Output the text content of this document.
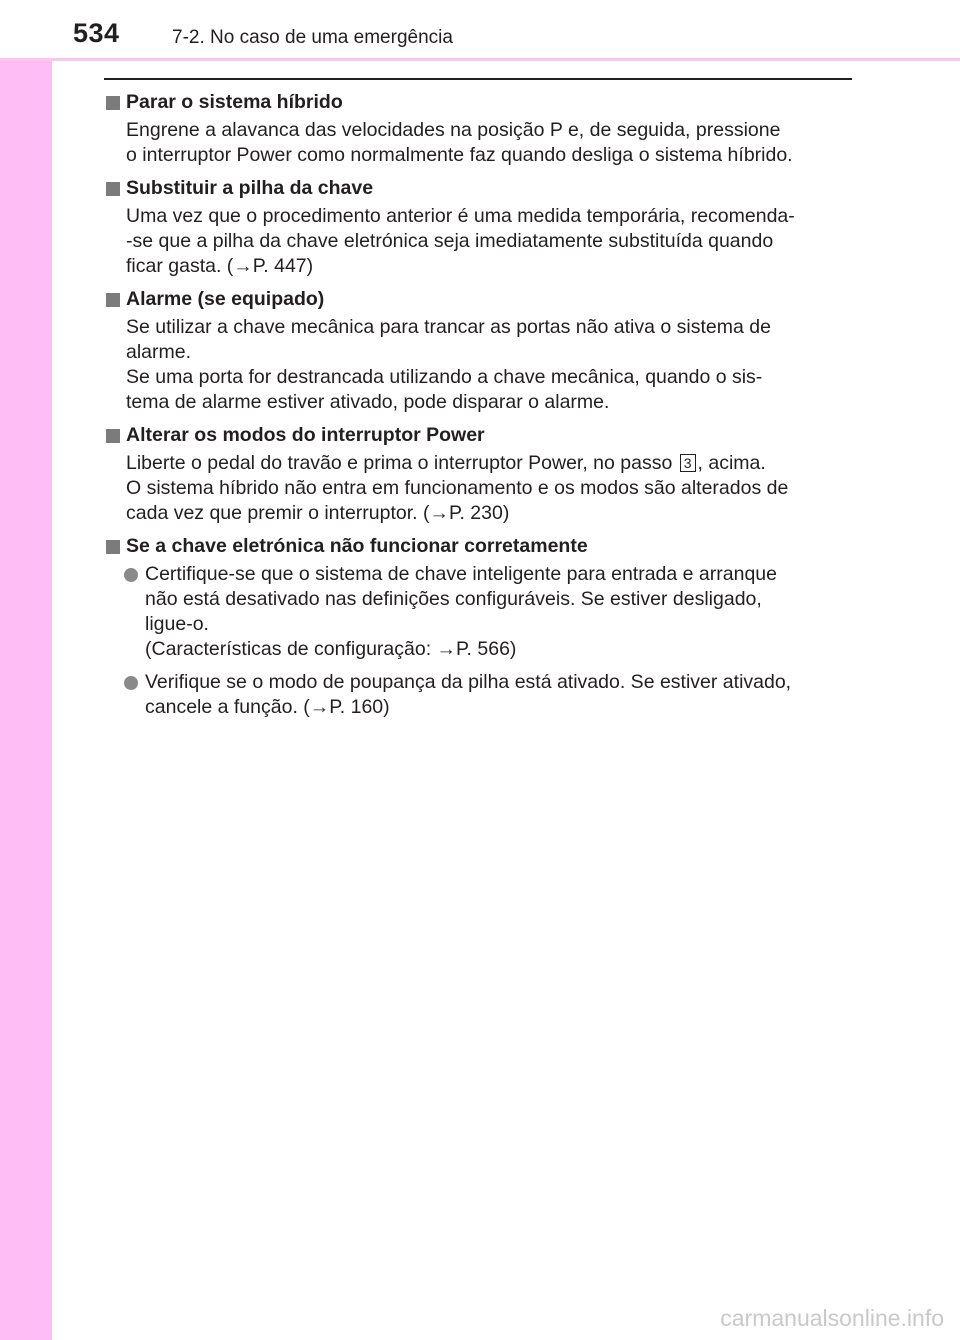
534	7-2. No caso de uma emergência
Parar o sistema híbrido
Engrene a alavanca das velocidades na posição P e, de seguida, pressione
o interruptor Power como normalmente faz quando desliga o sistema híbrido.
Substituir a pilha da chave
Uma vez que o procedimento anterior é uma medida temporária, recomenda-
-se que a pilha da chave eletrónica seja imediatamente substituída quando
ficar gasta. (→P. 447)
Alarme (se equipado)
Se utilizar a chave mecânica para trancar as portas não ativa o sistema de
alarme.
Se uma porta for destrancada utilizando a chave mecânica, quando o sis-
tema de alarme estiver ativado, pode disparar o alarme.
Alterar os modos do interruptor Power
Liberte o pedal do travão e prima o interruptor Power, no passo 3 , acima.
O sistema híbrido não entra em funcionamento e os modos são alterados de
cada vez que premir o interruptor. (→P. 230)
Se a chave eletrónica não funcionar corretamente
Certifique-se que o sistema de chave inteligente para entrada e arranque
não está desativado nas definições configuráveis. Se estiver desligado,
ligue-o.
(Características de configuração: →P. 566)
Verifique se o modo de poupança da pilha está ativado. Se estiver ativado,
cancele a função. (→P. 160)
carmanualsonline.info
